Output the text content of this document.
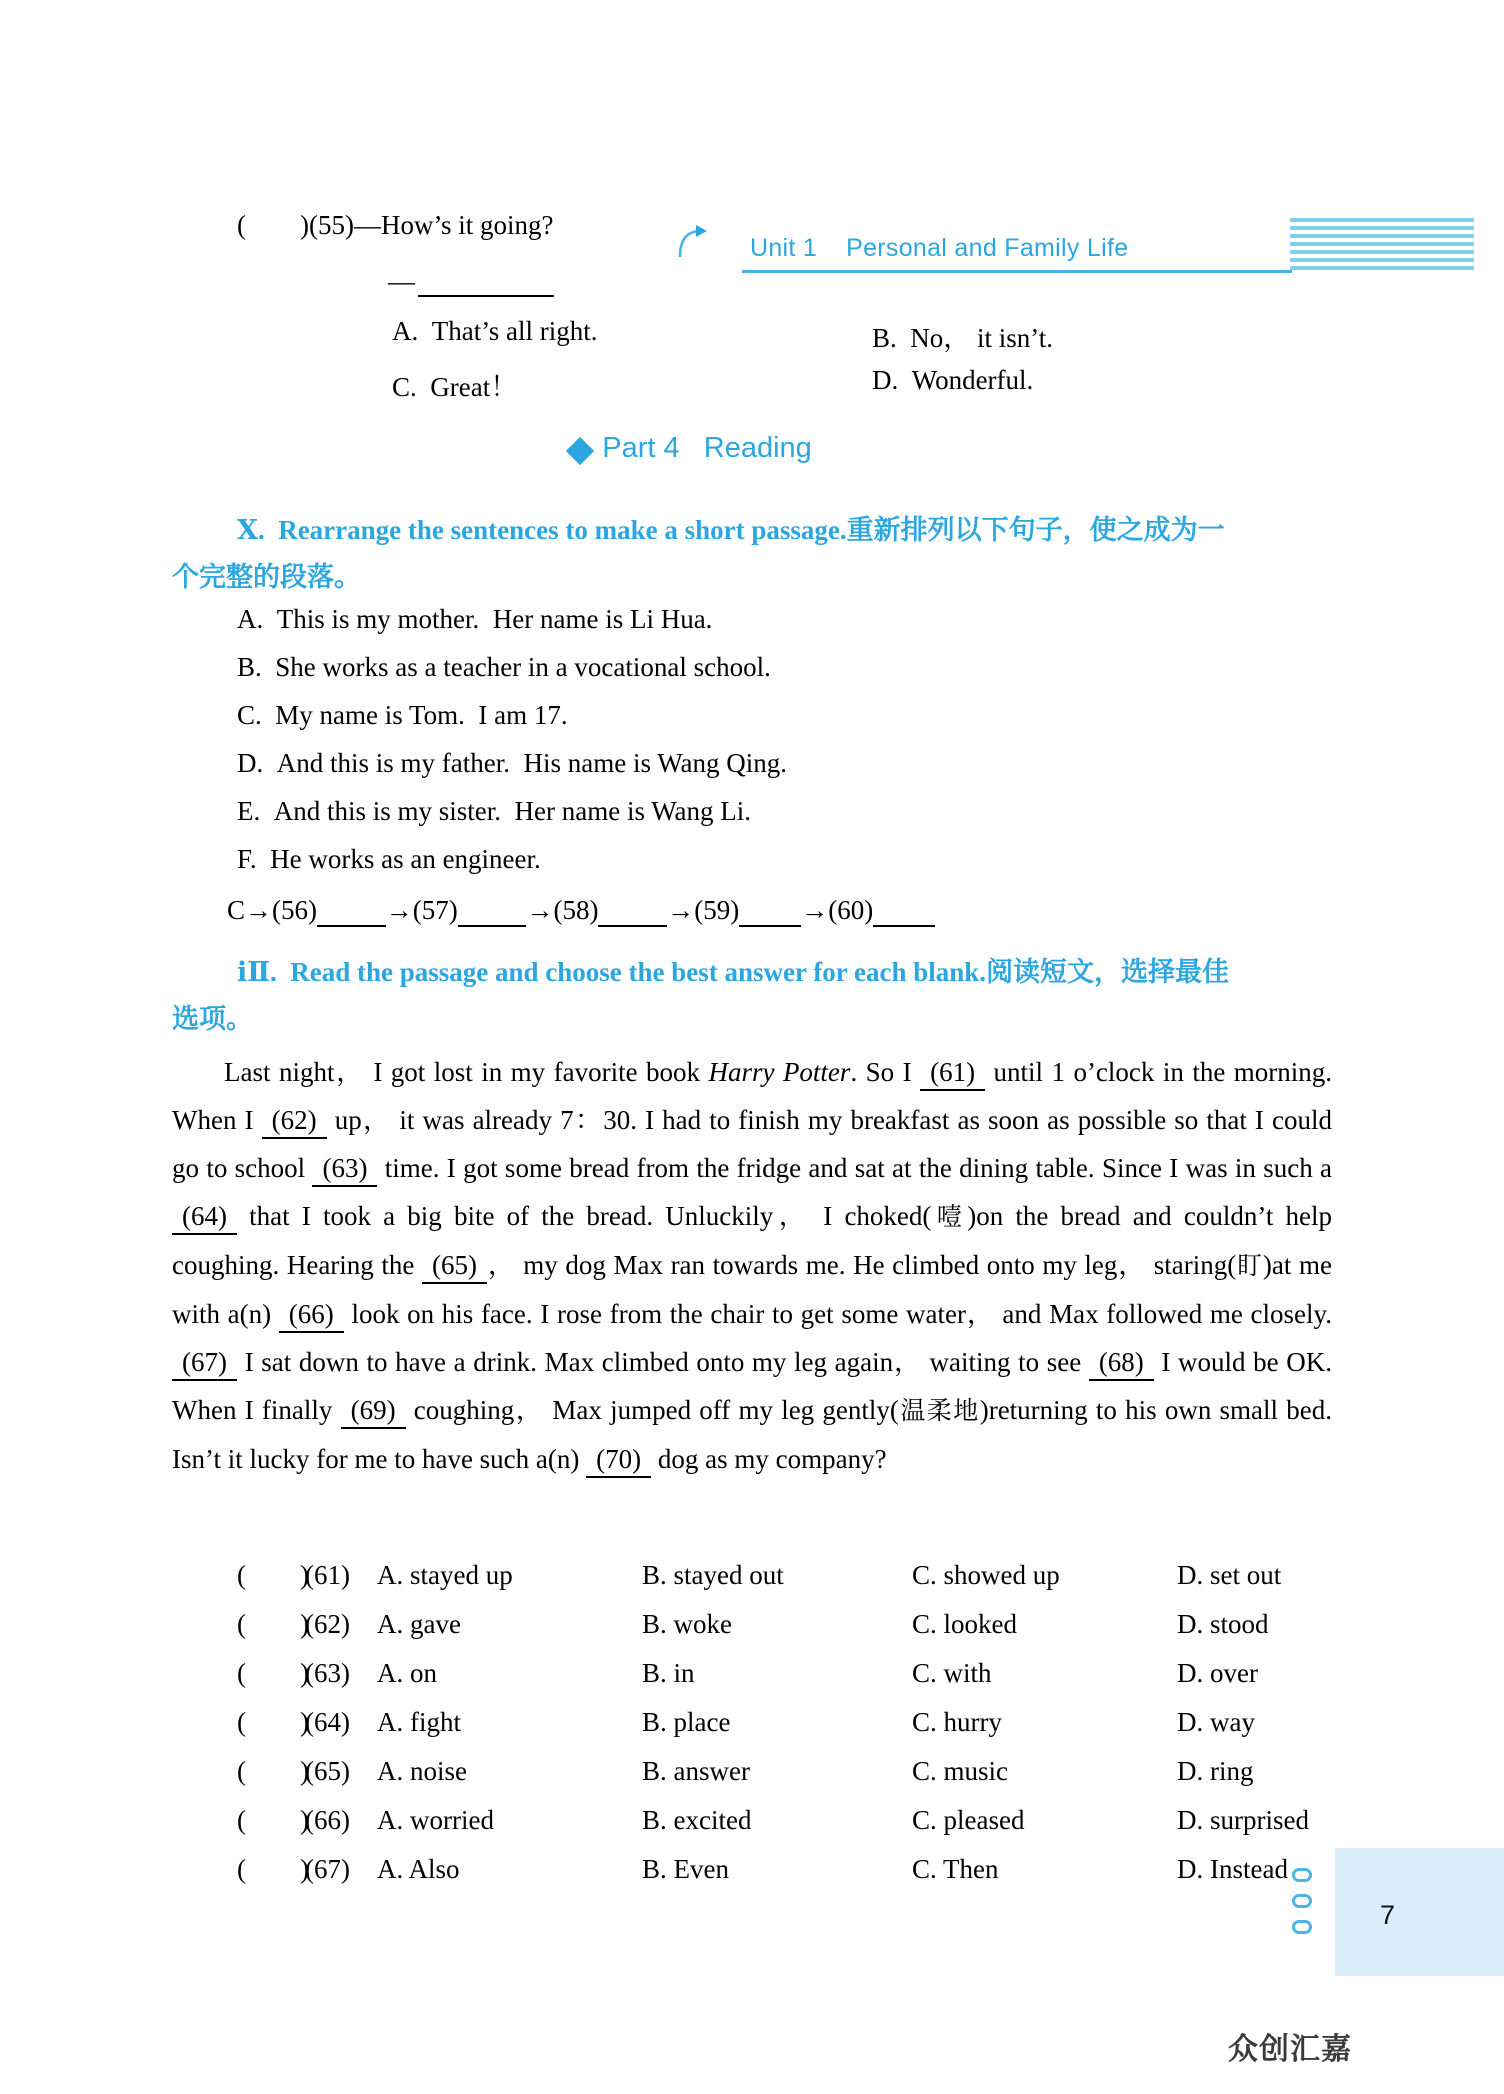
Unit 1 Personal and Family Life
(        )(55)—How’s it going?
—
A. That’s all right.	B. No， it isn’t.
C. Great！	D. Wonderful.
Part 4 Reading
Ⅹ. Rearrange the sentences to make a short passage.重新排列以下句子，使之成为一
个完整的段落。
A. This is my mother.  Her name is Li Hua.
B. She works as a teacher in a vocational school.
C. My name is Tom.  I am 17.
D. And this is my father.  His name is Wang Qing.
E. And this is my sister.  Her name is Wang Li.
F. He works as an engineer.
C→(56)	→(57)	→(58)	→(59) →(60)
ⅰⅡ. Read the passage and choose the best answer for each blank.阅读短文，选择最佳
选项。
Last night， I got lost in my favorite book Harry Potter. So I (61) until 1 o’clock in the morning. When I (62) up， it was already 7：30. I had to finish my breakfast as soon as possible so that I could go to school (63) time. I got some bread from the fridge and sat at the dining table. Since I was in such a (64) that I took a big bite of the bread. Unluckily， I choked(噎)on the bread and couldn’t help coughing. Hearing the (65) ， my dog Max ran towards me. He climbed onto my leg， staring(盯)at me with a(n) (66) look on his face. I rose from the chair to get some water， and Max followed me closely. (67) I sat down to have a drink. Max climbed onto my leg again， waiting to see (68) I would be OK. When I finally (69) coughing， Max jumped off my leg gently(温柔地)returning to his own small bed. Isn’t it lucky for me to have such a(n) (70) dog as my company?
(        )
(61) A. stayed up	B. stayed out	C. showed up	D. set out
(        )
(62) A. gave	B. woke	C. looked	D. stood
(        )
(63) A. on	B. in	C. with	D. over
(        )
(64) A. fight	B. place	C. hurry	D. way
(        )
(65) A. noise	B. answer	C. music	D. ring
(        )
(66) A. worried	B. excited	C. pleased	D. surprised
(        )
(67) A. Also	B. Even	C. Then	D. Instead
7
众创汇嘉
